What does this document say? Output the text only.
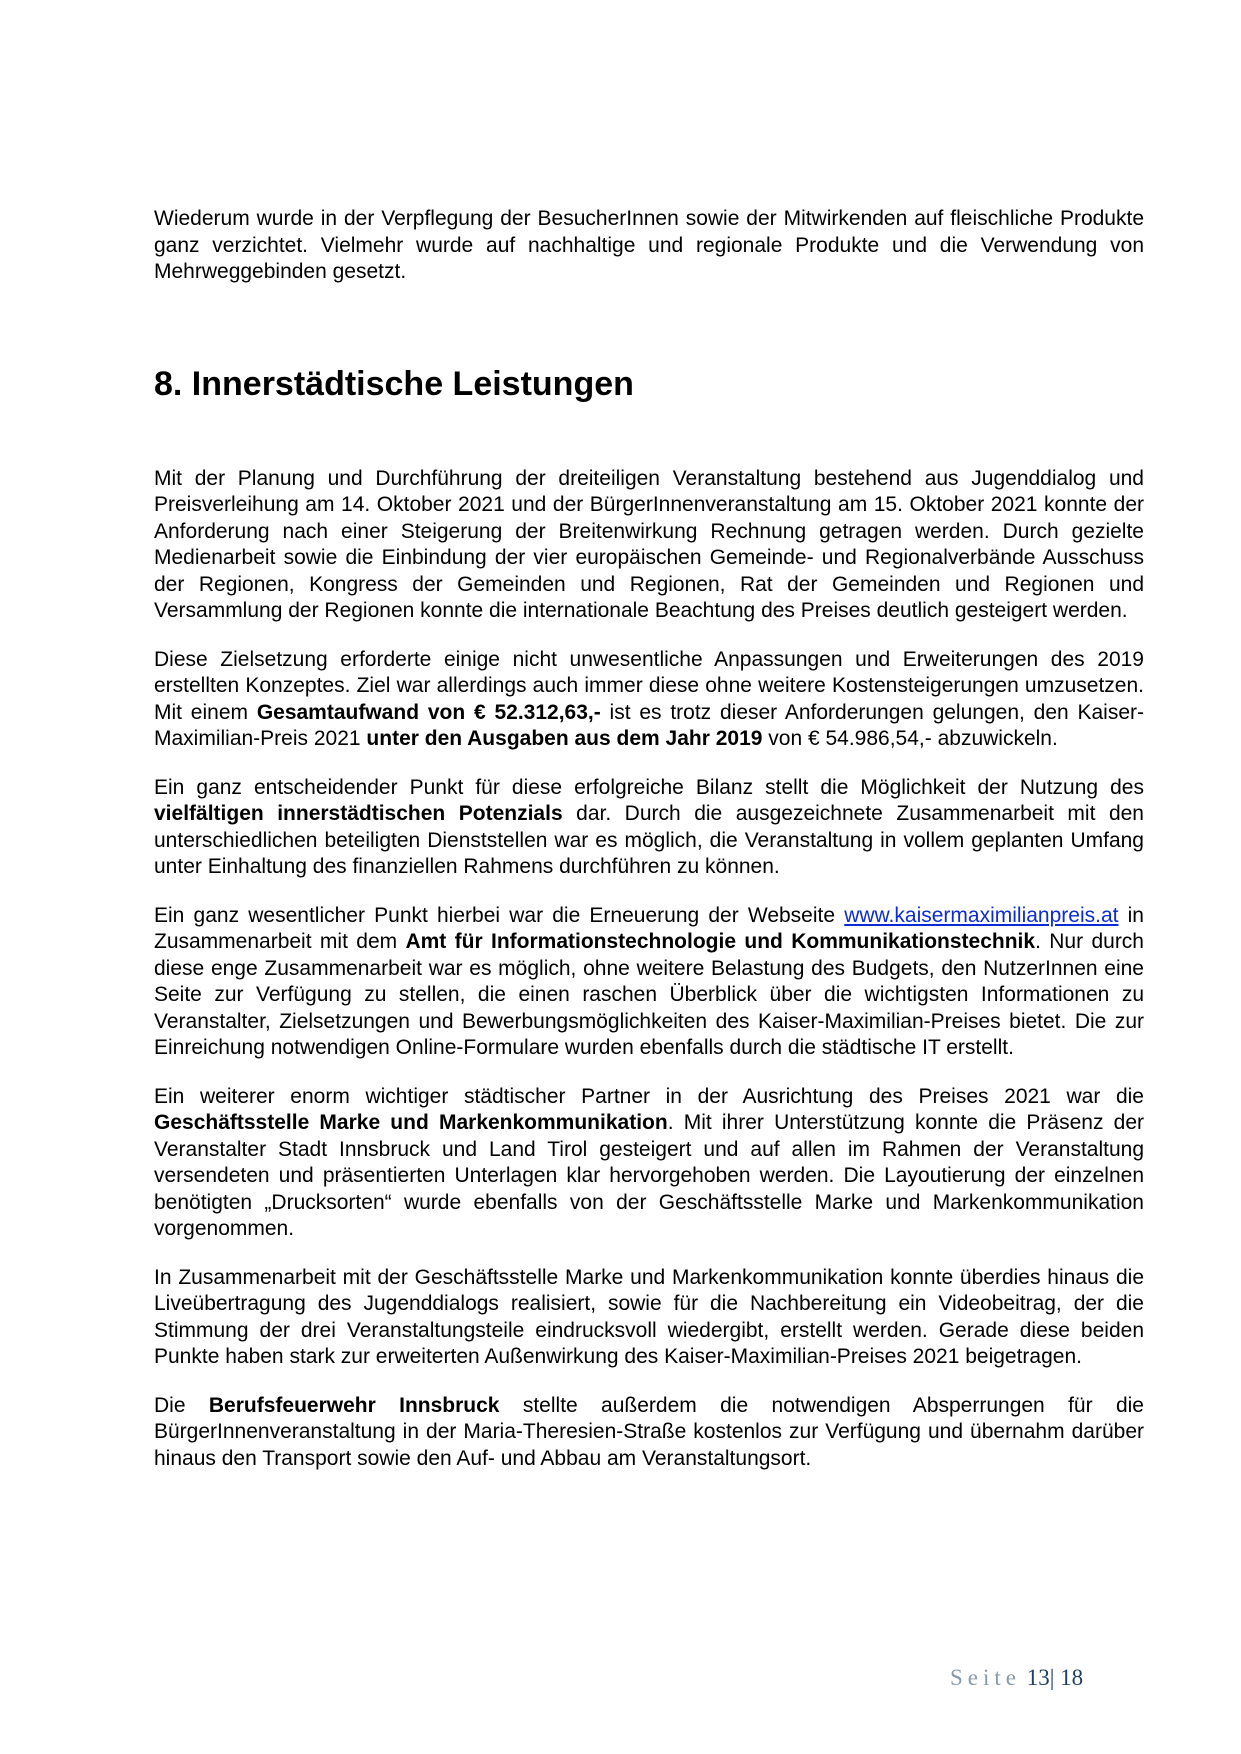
Wiederum wurde in der Verpflegung der BesucherInnen sowie der Mitwirkenden auf fleischliche Produkte ganz verzichtet. Vielmehr wurde auf nachhaltige und regionale Produkte und die Verwendung von Mehrweggebinden gesetzt.

8. Innerstädtische Leistungen

Mit der Planung und Durchführung der dreiteiligen Veranstaltung bestehend aus Jugenddialog und Preisverleihung am 14. Oktober 2021 und der BürgerInnenveranstaltung am 15. Oktober 2021 konnte der Anforderung nach einer Steigerung der Breitenwirkung Rechnung getragen werden. Durch gezielte Medienarbeit sowie die Einbindung der vier europäischen Gemeinde- und Regionalverbände Ausschuss der Regionen, Kongress der Gemeinden und Regionen, Rat der Gemeinden und Regionen und Versammlung der Regionen konnte die internationale Beachtung des Preises deutlich gesteigert werden.

Diese Zielsetzung erforderte einige nicht unwesentliche Anpassungen und Erweiterungen des 2019 erstellten Konzeptes. Ziel war allerdings auch immer diese ohne weitere Kostensteigerungen umzusetzen. Mit einem Gesamtaufwand von € 52.312,63,- ist es trotz dieser Anforderungen gelungen, den Kaiser-Maximilian-Preis 2021 unter den Ausgaben aus dem Jahr 2019 von € 54.986,54,- abzuwickeln.

Ein ganz entscheidender Punkt für diese erfolgreiche Bilanz stellt die Möglichkeit der Nutzung des vielfältigen innerstädtischen Potenzials dar. Durch die ausgezeichnete Zusammenarbeit mit den unterschiedlichen beteiligten Dienststellen war es möglich, die Veranstaltung in vollem geplanten Umfang unter Einhaltung des finanziellen Rahmens durchführen zu können.

Ein ganz wesentlicher Punkt hierbei war die Erneuerung der Webseite www.kaisermaximilianpreis.at in Zusammenarbeit mit dem Amt für Informationstechnologie und Kommunikationstechnik. Nur durch diese enge Zusammenarbeit war es möglich, ohne weitere Belastung des Budgets, den NutzerInnen eine Seite zur Verfügung zu stellen, die einen raschen Überblick über die wichtigsten Informationen zu Veranstalter, Zielsetzungen und Bewerbungsmöglichkeiten des Kaiser-Maximilian-Preises bietet. Die zur Einreichung notwendigen Online-Formulare wurden ebenfalls durch die städtische IT erstellt.

Ein weiterer enorm wichtiger städtischer Partner in der Ausrichtung des Preises 2021 war die Geschäftsstelle Marke und Markenkommunikation. Mit ihrer Unterstützung konnte die Präsenz der Veranstalter Stadt Innsbruck und Land Tirol gesteigert und auf allen im Rahmen der Veranstaltung versendeten und präsentierten Unterlagen klar hervorgehoben werden. Die Layoutierung der einzelnen benötigten „Drucksorten“ wurde ebenfalls von der Geschäftsstelle Marke und Markenkommunikation vorgenommen.

In Zusammenarbeit mit der Geschäftsstelle Marke und Markenkommunikation konnte überdies hinaus die Liveübertragung des Jugenddialogs realisiert, sowie für die Nachbereitung ein Videobeitrag, der die Stimmung der drei Veranstaltungsteile eindrucksvoll wiedergibt, erstellt werden. Gerade diese beiden Punkte haben stark zur erweiterten Außenwirkung des Kaiser-Maximilian-Preises 2021 beigetragen.

Die Berufsfeuerwehr Innsbruck stellte außerdem die notwendigen Absperrungen für die BürgerInnenveranstaltung in der Maria-Theresien-Straße kostenlos zur Verfügung und übernahm darüber hinaus den Transport sowie den Auf- und Abbau am Veranstaltungsort.

Seite 13| 18
